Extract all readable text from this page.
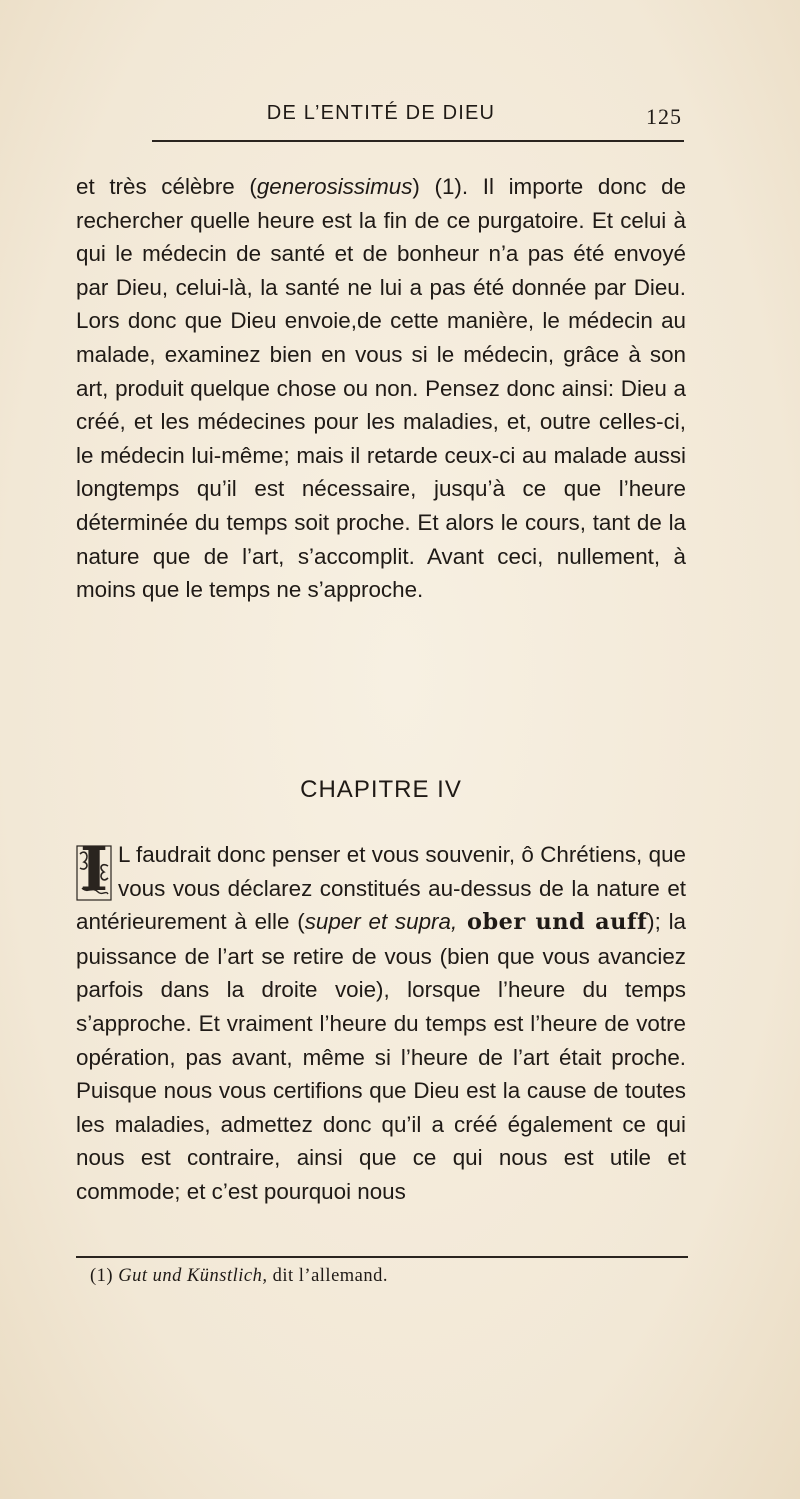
DE L’ENTITÉ DE DIEU	125

et très célèbre (generosissimus) (1). Il importe donc de rechercher quelle heure est la fin de ce purgatoire. Et celui à qui le médecin de santé et de bonheur n’a pas été envoyé par Dieu, celui-là, la santé ne lui a pas été donnée par Dieu. Lors donc que Dieu envoie,de cette manière, le médecin au malade, examinez bien en vous si le médecin, grâce à son art, produit quelque chose ou non. Pensez donc ainsi: Dieu a créé, et les médecines pour les maladies, et, outre celles-ci, le médecin lui-même; mais il retarde ceux-ci au malade aussi longtemps qu’il est nécessaire, jusqu’à ce que l’heure déterminée du temps soit proche. Et alors le cours, tant de la nature que de l’art, s’accomplit. Avant ceci, nullement, à moins que le temps ne s’approche.

CHAPITRE IV
I L faudrait donc penser et vous souvenir, ô Chrétiens, que vous vous déclarez constitués au-dessus de la nature et antérieurement à elle (super et supra, ober und auff); la puissance de l’art se retire de vous (bien que vous avanciez parfois dans la droite voie), lorsque l’heure du temps s’approche. Et vraiment l’heure du temps est l’heure de votre opération, pas avant, même si l’heure de l’art était proche. Puisque nous vous certifions que Dieu est la cause de toutes les maladies, admettez donc qu’il a créé également ce qui nous est contraire, ainsi que ce qui nous est utile et commode; et c’est pourquoi nous

(1) Gut und Künstlich, dit l’allemand.
